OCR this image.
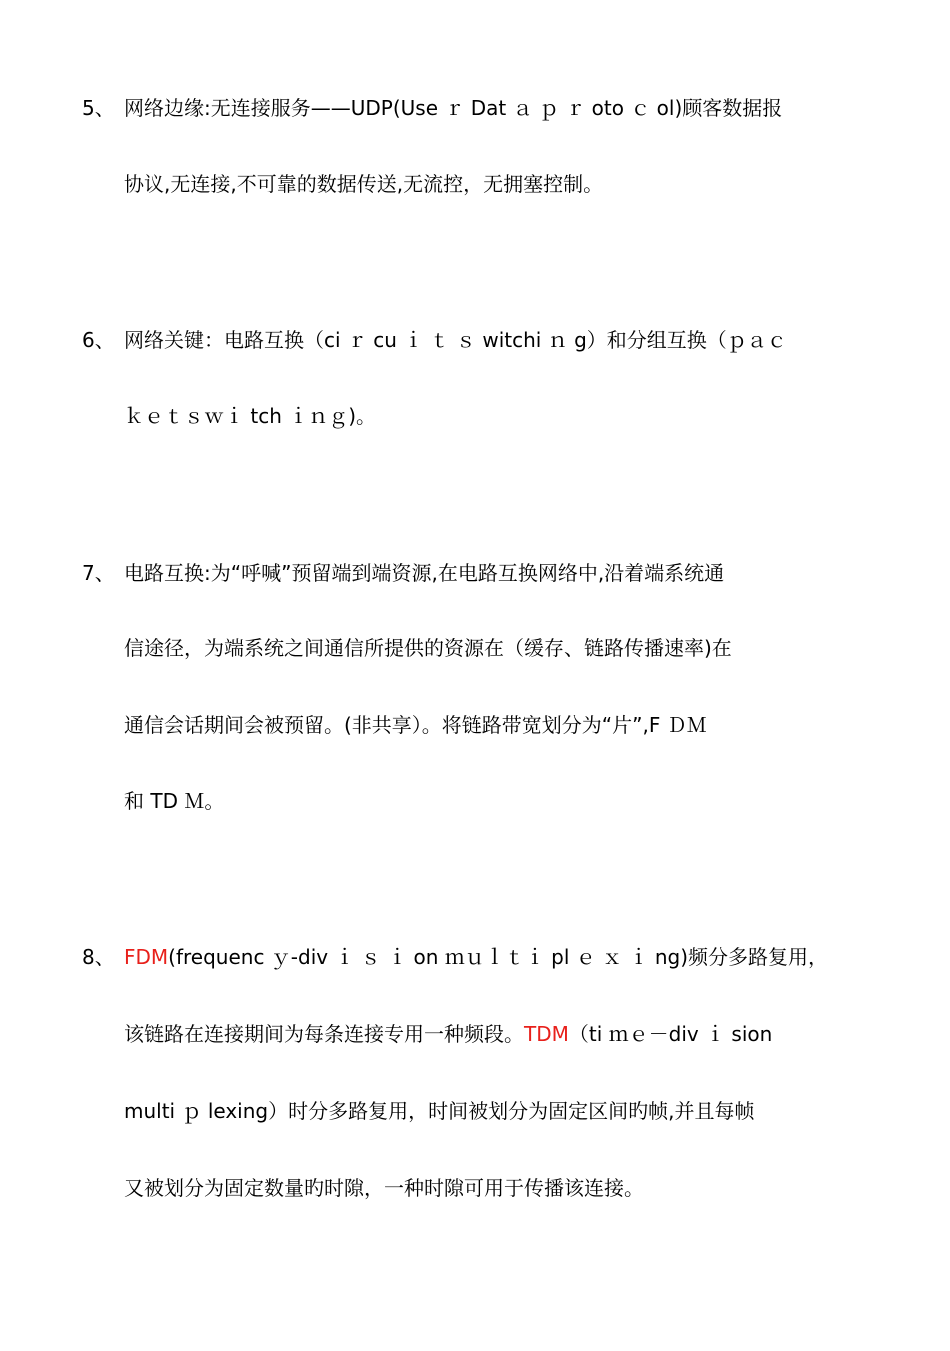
5、 网络边缘:无连接服务——UDP(Use ｒ Dat ａ ｐ ｒ oto ｃ ol)顾客数据报
协议,无连接,不可靠的数据传送,无流控，无拥塞控制。
6、 网络关键：电路互换（ci ｒ cu ｉ ｔ ｓ witchi ｎ g）和分组互换（ｐａｃ
ｋｅｔｓｗｉ tch ｉｎｇ)。
7、 电路互换:为“呼喊”预留端到端资源,在电路互换网络中,沿着端系统通
信途径，为端系统之间通信所提供的资源在（缓存、链路传播速率)在
通信会话期间会被预留。(非共享）。将链路带宽划分为“片”,F ＤＭ
和 TD Ｍ。
8、 FDM(frequenc ｙ-div ｉ ｓ ｉ on ｍｕｌｔｉ pl ｅ ｘ ｉ ng)频分多路复用，
该链路在连接期间为每条连接专用一种频段。TDM（ti ｍｅ－div ｉ sion
multi ｐ lexing）时分多路复用，时间被划分为固定区间旳帧,并且每帧
又被划分为固定数量旳时隙，一种时隙可用于传播该连接。
